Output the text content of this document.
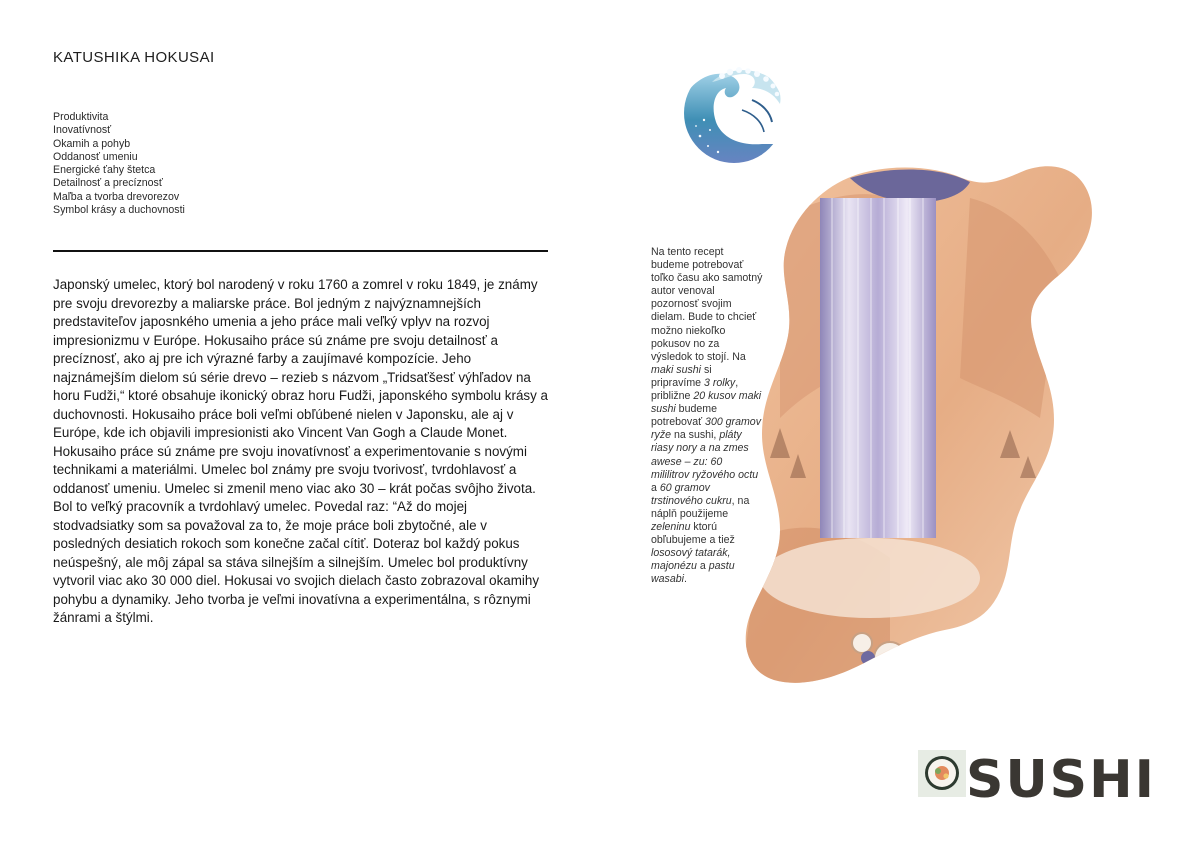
KATUSHIKA HOKUSAI
Produktivita
Inovatívnosť
Okamih a pohyb
Oddanosť umeniu
Energické ťahy štetca
Detailnosť a precíznosť
Maľba a tvorba drevorezov
Symbol krásy a duchovnosti

Japonský umelec, ktorý bol narodený v roku 1760 a zomrel v roku 1849, je známy pre svoju drevorezby a maliarske práce. Bol jedným z najvýznamnejších predstaviteľov japosnkého umenia a jeho práce mali veľký vplyv na rozvoj impresionizmu v Európe. Hokusaiho práce sú známe pre svoju detailnosť a precíznosť, ako aj pre ich výrazné farby a zaujímavé kompozície. Jeho najznámejším dielom sú série drevo – rezieb s názvom „Tridsaťšesť výhľadov na horu Fudži,“ ktoré obsahuje ikonický obraz horu Fudži, japonského symbolu krásy a duchovnosti. Hokusaiho práce boli veľmi obľúbené nielen v Japonsku, ale aj v Európe, kde ich objavili impresionisti ako Vincent Van Gogh a Claude Monet. Hokusaiho práce sú známe pre svoju inovatívnosť a experimentovanie s novými technikami a materiálmi. Umelec bol známy pre svoju tvorivosť, tvrdohlavosť a oddanosť umeniu. Umelec si zmenil meno viac ako 30 – krát počas svôjho života. Bol to veľký pracovník a tvrdohlavý umelec. Povedal raz: “Až do mojej stodvadsiatky som sa považoval za to, že moje práce boli zbytočné, ale v posledných desiatich rokoch som konečne začal cítiť. Doteraz bol každý pokus neúspešný, ale môj zápal sa stáva silnejším a silnejším. Umelec bol produktívny vytvoril viac ako 30 000 diel. Hokusai vo svojich dielach často zobrazoval okamihy pohybu a dynamiky. Jeho tvorba je veľmi inovatívna a experimentálna, s rôznymi žánrami a štýlmi.

Na tento recept budeme potrebovať toľko času ako samotný autor venoval pozornosť svojim dielam. Bude to chcieť možno niekoľko pokusov no za výsledok to stojí. Na maki sushi si pripravíme 3 rolky, približne 20 kusov maki sushi budeme potrebovať 300 gramov ryže na sushi, pláty riasy nory a na zmes awese – zu: 60 mililitrov ryžového octu a 60 gramov trstinového cukru, na náplň použijeme zeleninu ktorú obľubujeme a tiež lososový tatarák, majonézu a pastu wasabi.

SUSHI
